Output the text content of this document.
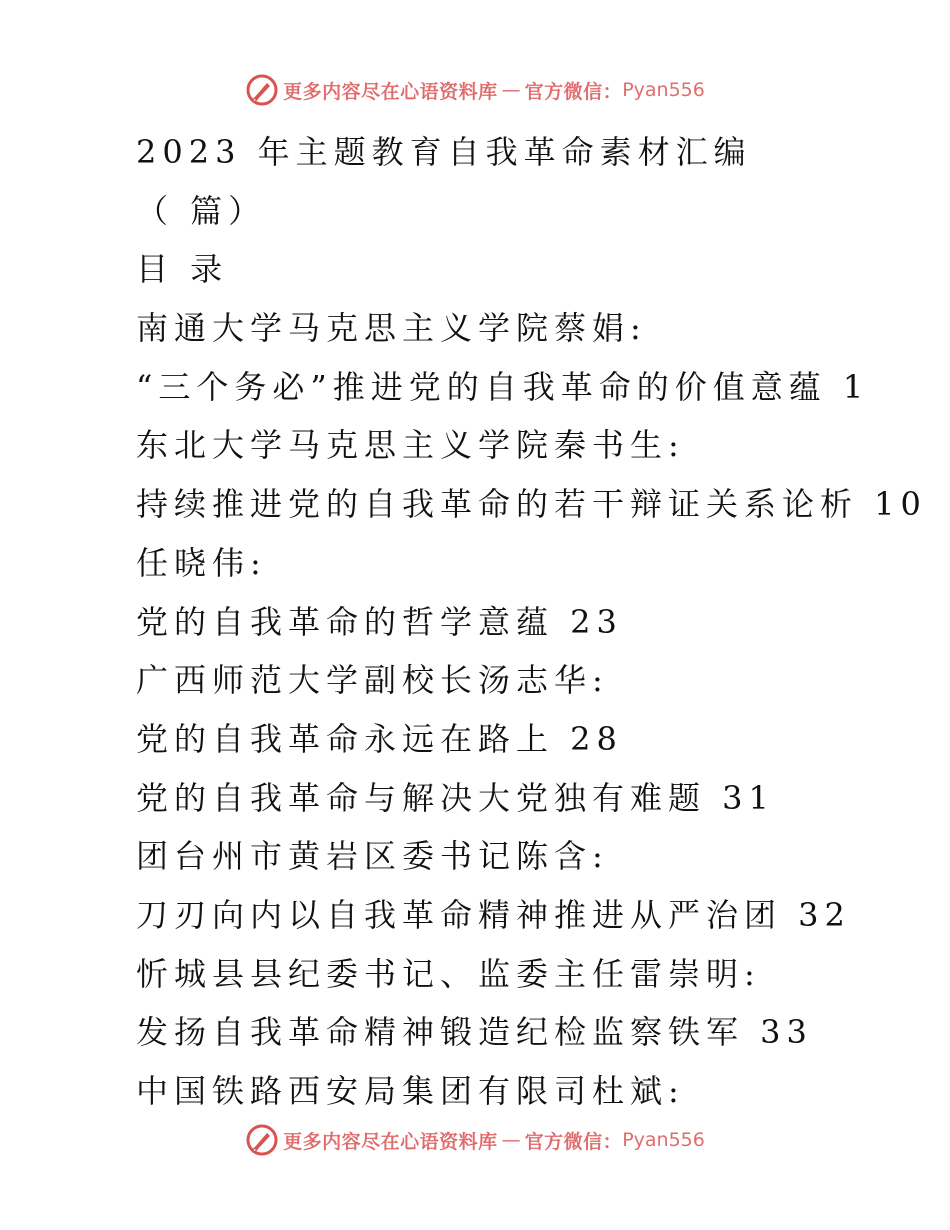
更多内容尽在心语资料库 — 官方微信： Pyan556
2023 年主题教育自我革命素材汇编
（ 篇）
目 录
南通大学马克思主义学院蔡娟:
“三个务必”推进党的自我革命的价值意蕴 1
东北大学马克思主义学院秦书生:
持续推进党的自我革命的若干辩证关系论析 10
任晓伟:
党的自我革命的哲学意蕴 23
广西师范大学副校长汤志华:
党的自我革命永远在路上 28
党的自我革命与解决大党独有难题 31
团台州市黄岩区委书记陈含:
刀刃向内以自我革命精神推进从严治团 32
忻城县县纪委书记、监委主任雷崇明:
发扬自我革命精神锻造纪检监察铁军 33
中国铁路西安局集团有限司杜斌:
更多内容尽在心语资料库 — 官方微信： Pyan556
